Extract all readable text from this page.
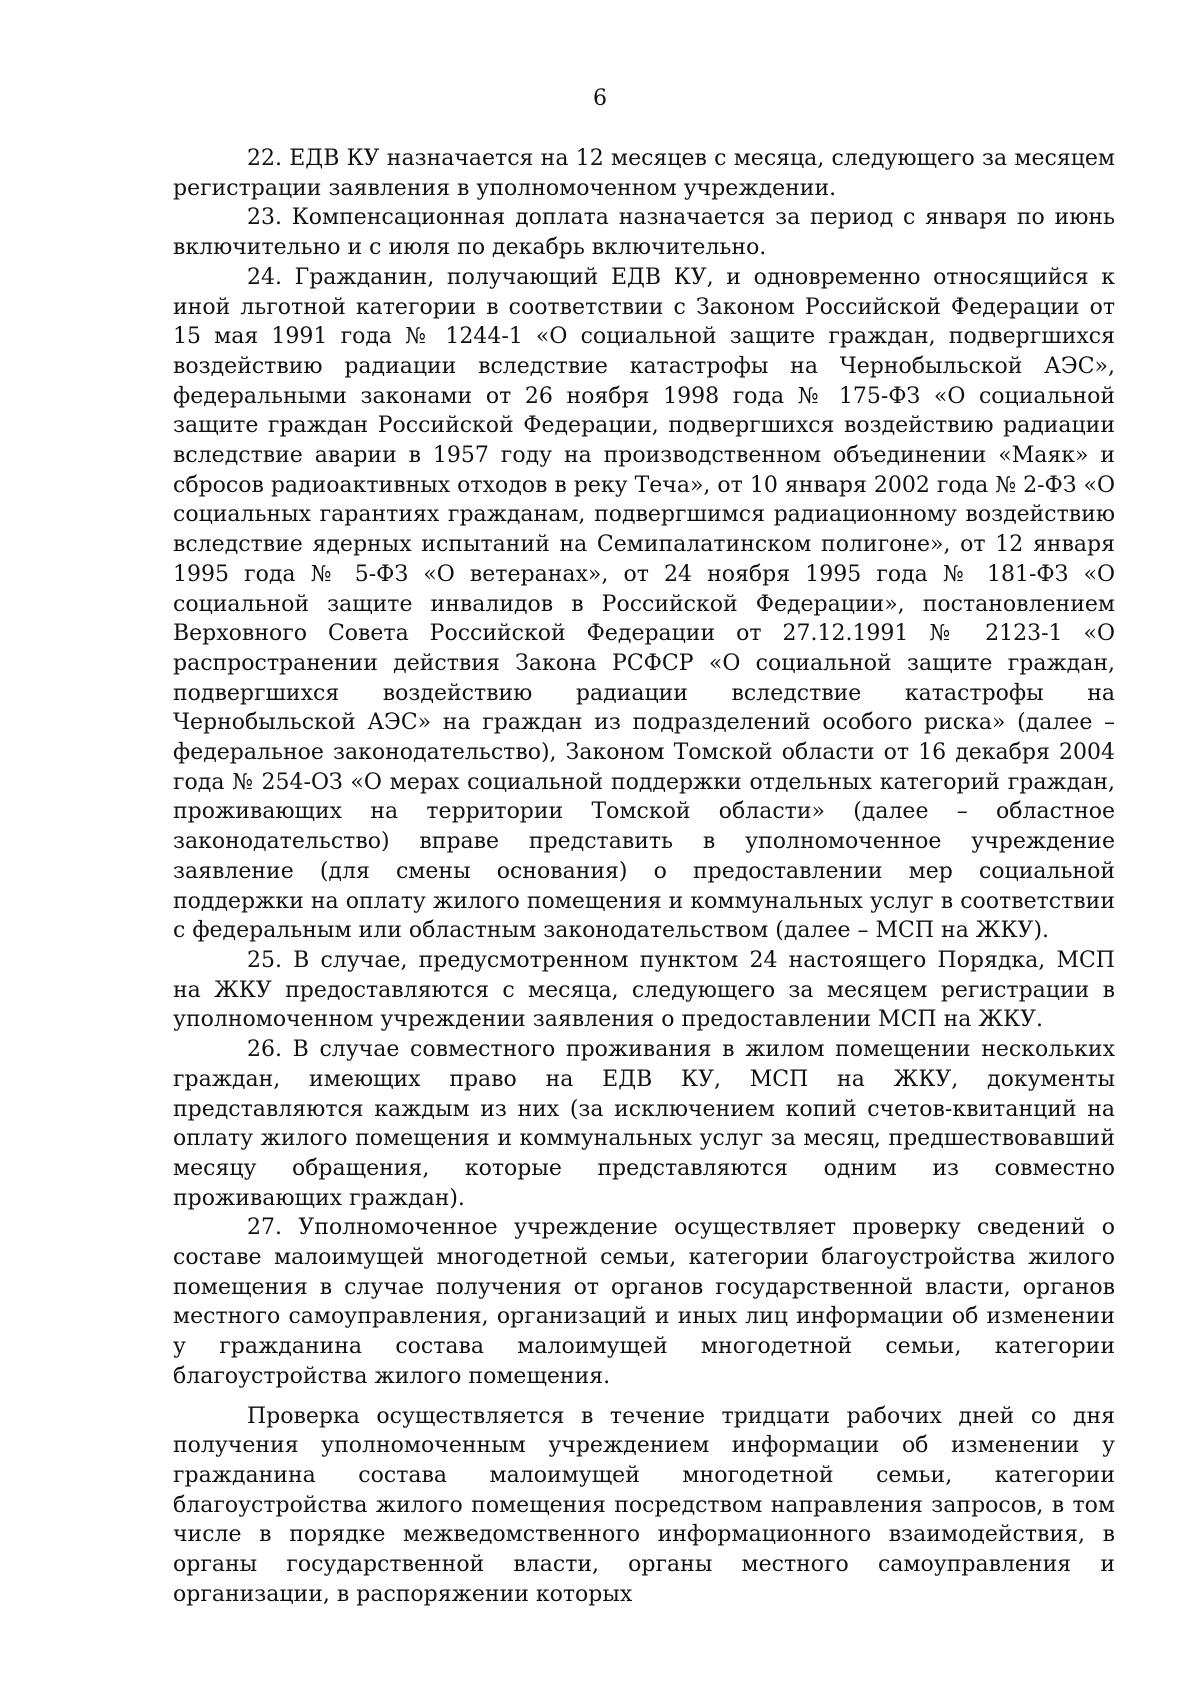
6

22. ЕДВ КУ назначается на 12 месяцев с месяца, следующего за месяцем регистрации заявления в уполномоченном учреждении.

23. Компенсационная доплата назначается за период с января по июнь включительно и с июля по декабрь включительно.

24. Гражданин, получающий ЕДВ КУ, и одновременно относящийся к иной льготной категории в соответствии с Законом Российской Федерации от 15 мая 1991 года № 1244-1 «О социальной защите граждан, подвергшихся воздействию радиации вследствие катастрофы на Чернобыльской АЭС», федеральными законами от 26 ноября 1998 года № 175-ФЗ «О социальной защите граждан Российской Федерации, подвергшихся воздействию радиации вследствие аварии в 1957 году на производственном объединении «Маяк» и сбросов радиоактивных отходов в реку Теча», от 10 января 2002 года № 2-ФЗ «О социальных гарантиях гражданам, подвергшимся радиационному воздействию вследствие ядерных испытаний на Семипалатинском полигоне», от 12 января 1995 года № 5-ФЗ «О ветеранах», от 24 ноября 1995 года № 181-ФЗ «О социальной защите инвалидов в Российской Федерации», постановлением Верховного Совета Российской Федерации от 27.12.1991 № 2123-1 «О распространении действия Закона РСФСР «О социальной защите граждан, подвергшихся воздействию радиации вследствие катастрофы на Чернобыльской АЭС» на граждан из подразделений особого риска» (далее – федеральное законодательство), Законом Томской области от 16 декабря 2004 года № 254-ОЗ «О мерах социальной поддержки отдельных категорий граждан, проживающих на территории Томской области» (далее – областное законодательство) вправе представить в уполномоченное учреждение заявление (для смены основания) о предоставлении мер социальной поддержки на оплату жилого помещения и коммунальных услуг в соответствии с федеральным или областным законодательством (далее – МСП на ЖКУ).

25. В случае, предусмотренном пунктом 24 настоящего Порядка, МСП на ЖКУ предоставляются с месяца, следующего за месяцем регистрации в уполномоченном учреждении заявления о предоставлении МСП на ЖКУ.

26. В случае совместного проживания в жилом помещении нескольких граждан, имеющих право на ЕДВ КУ, МСП на ЖКУ, документы представляются каждым из них (за исключением копий счетов-квитанций на оплату жилого помещения и коммунальных услуг за месяц, предшествовавший месяцу обращения, которые представляются одним из совместно проживающих граждан).

27. Уполномоченное учреждение осуществляет проверку сведений о составе малоимущей многодетной семьи, категории благоустройства жилого помещения в случае получения от органов государственной власти, органов местного самоуправления, организаций и иных лиц информации об изменении у гражданина состава малоимущей многодетной семьи, категории благоустройства жилого помещения.

Проверка осуществляется в течение тридцати рабочих дней со дня получения уполномоченным учреждением информации об изменении у гражданина состава малоимущей многодетной семьи, категории благоустройства жилого помещения посредством направления запросов, в том числе в порядке межведомственного информационного взаимодействия, в органы государственной власти, органы местного самоуправления и организации, в распоряжении которых
